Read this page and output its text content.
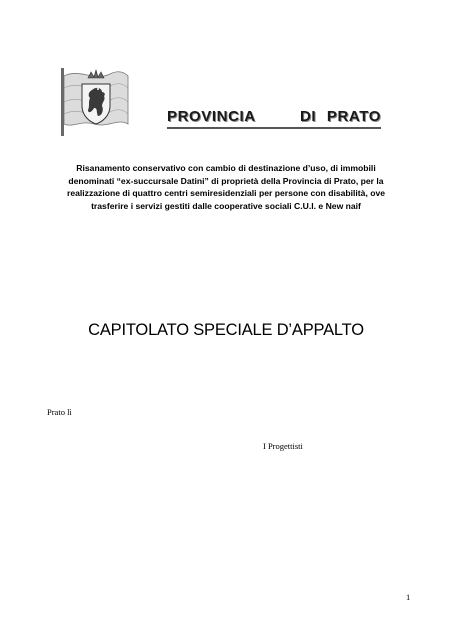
PROVINCIA	DI PRATO
Risanamento conservativo con cambio di destinazione d’uso, di immobili
denominati “ex-succursale Datini” di proprietà della Provincia di Prato, per la
realizzazione di quattro centri semiresidenziali per persone con disabilità, ove
trasferire i servizi gestiti dalle cooperative sociali C.U.I. e New naif
CAPITOLATO SPECIALE D’APPALTO
Prato lì
I Progettisti
1
